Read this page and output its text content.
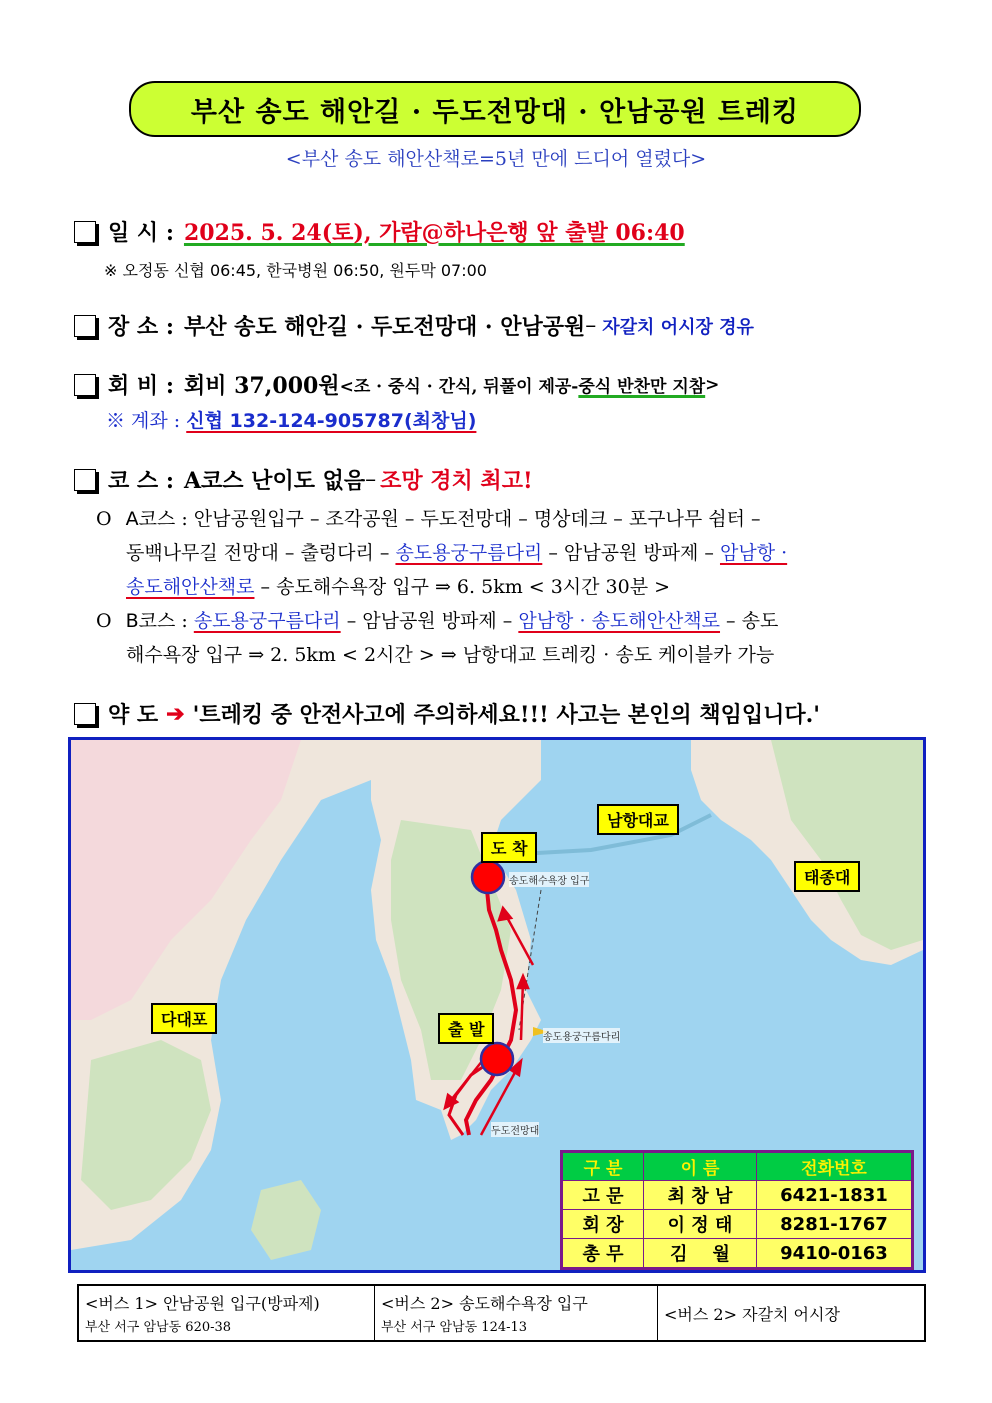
부산 송도 해안길 · 두도전망대 · 안남공원 트레킹
<부산 송도 해안산책로=5년 만에 드디어 열렸다>
일 시 : 2025. 5. 24(토), 가람@하나은행 앞 출발 06:40
※ 오정동 신협 06:45, 한국병원 06:50, 원두막 07:00
장 소 : 부산 송도 해안길 · 두도전망대 · 안남공원 – 자갈치 어시장 경유
회 비 : 회비 37,000원 <조 · 중식 · 간식, 뒤풀이 제공- 중식 반찬만 지참 >
※ 계좌 : 신협 132-124-905787(최창님)
코 스 : A코스 난이도 없음 – 조망 경치 최고!
O A코스 : 안남공원입구 – 조각공원 – 두도전망대 – 명상데크 – 포구나무 쉼터 –
동백나무길 전망대 – 출렁다리 – 송도용궁구름다리 – 암남공원 방파제 – 암남항 ·
송도해안산책로 – 송도해수욕장 입구 ⇒ 6. 5km < 3시간 30분 >
O B코스 : 송도용궁구름다리 – 암남공원 방파제 – 암남항 · 송도해안산책로 – 송도
해수욕장 입구 ⇒ 2. 5km < 2시간 > ⇒ 남항대교 트레킹 · 송도 케이블카 가능
약 도 ➔ '트레킹 중 안전사고에 주의하세요!!! 사고는 본인의 책임입니다.'
도 착
출 발
남항대교
태종대
다대포
송도해수욕장 입구
송도용궁구름다리
두도전망대
구 분	이 름	전화번호
고 문	최 창 남	6421-1831
회 장	이 정 태	8281-1767
총 무	김    월	9410-0163
<버스 1> 안남공원 입구(방파제)
부산 서구 암남동 620-38
	<버스 2> 송도해수욕장 입구
부산 서구 암남동 124-13
	<버스 2> 자갈치 어시장
